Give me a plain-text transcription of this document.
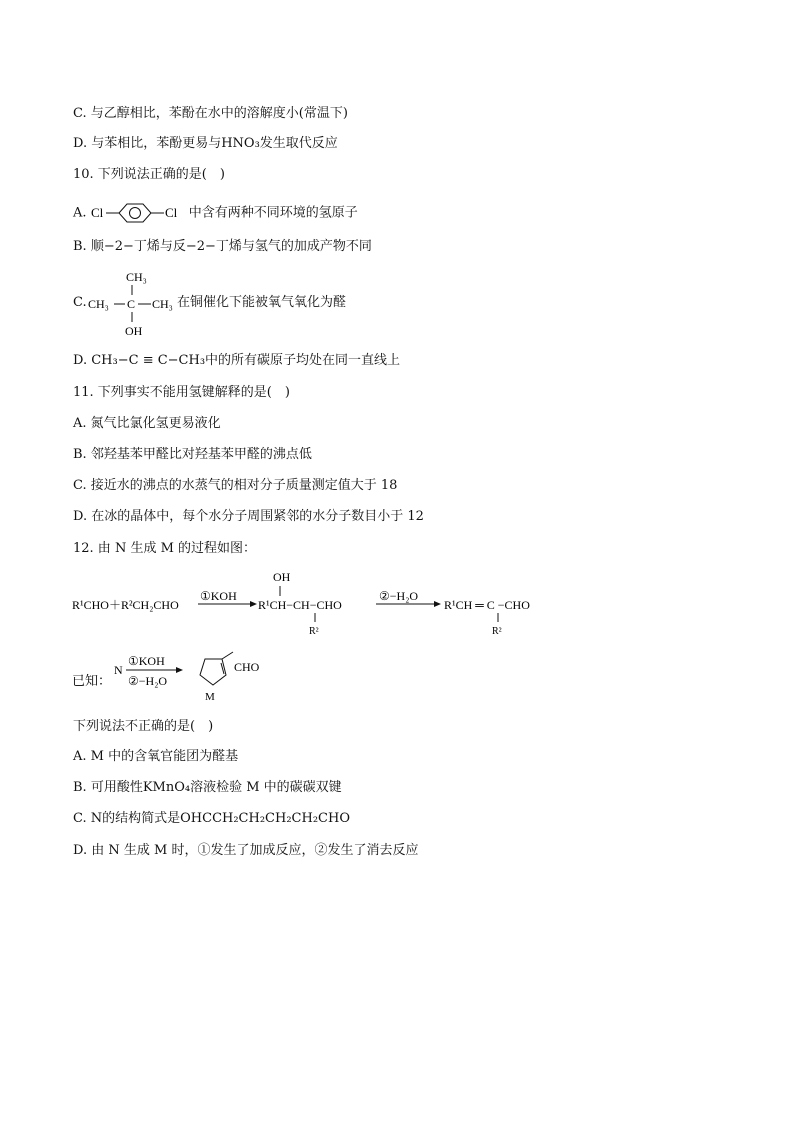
C. 与乙醇相比，苯酚在水中的溶解度小(常温下)
D. 与苯相比，苯酚更易与HNO₃发生取代反应
10. 下列说法正确的是(　)
A. Cl	Cl 中含有两种不同环境的氢原子
B. 顺−2−丁烯与反−2−丁烯与氢气的加成产物不同
C.
CH₃
CH₃ C CH₃
OH
在铜催化下能被氧气氧化为醛
D. CH₃−C ≡ C−CH₃中的所有碳原子均处在同一直线上
11. 下列事实不能用氢键解释的是(　)
A. 氮气比氯化氢更易液化
B. 邻羟基苯甲醛比对羟基苯甲醛的沸点低
C. 接近水的沸点的水蒸气的相对分子质量测定值大于 18
D. 在冰的晶体中，每个水分子周围紧邻的水分子数目小于 12
12. 由 N 生成 M 的过程如图：
R¹CHO＋R²CH₂CHO
①KOH
OH
R¹CH−CH−CHO
R²
②−H₂O
R¹CH ═ C −CHO
R²
已知：
N
①KOH
②−H₂O
CHO
M
下列说法不正确的是(　)
A. M 中的含氧官能团为醛基
B. 可用酸性KMnO₄溶液检验 M 中的碳碳双键
C. N的结构简式是OHCCH₂CH₂CH₂CH₂CHO
D. 由 N 生成 M 时，①发生了加成反应，②发生了消去反应
